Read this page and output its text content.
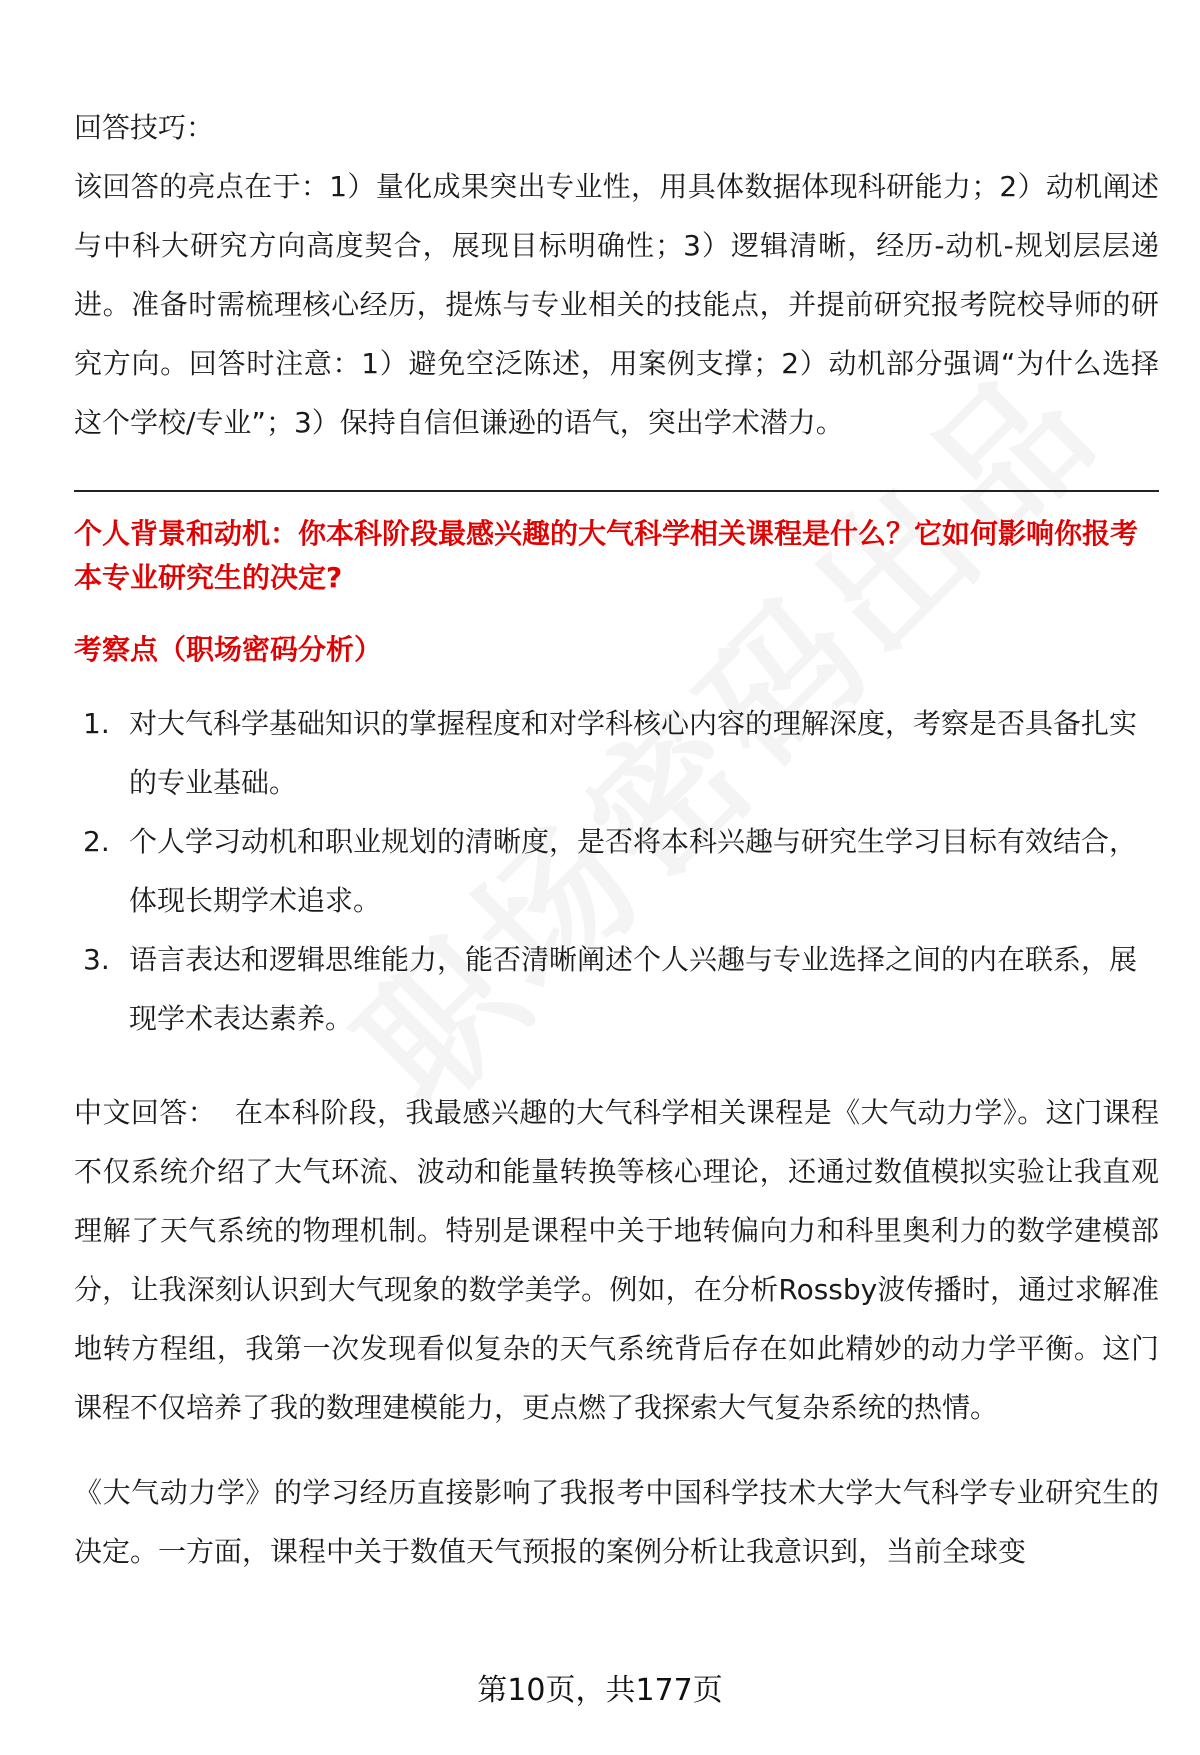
回答技巧：

该回答的亮点在于：1）量化成果突出专业性，用具体数据体现科研能力；2）动机阐述与中科大研究方向高度契合，展现目标明确性；3）逻辑清晰，经历-动机-规划层层递进。准备时需梳理核心经历，提炼与专业相关的技能点，并提前研究报考院校导师的研究方向。回答时注意：1）避免空泛陈述，用案例支撑；2）动机部分强调“为什么选择这个学校/专业”；3）保持自信但谦逊的语气，突出学术潜力。

个人背景和动机：你本科阶段最感兴趣的大气科学相关课程是什么？它如何影响你报考本专业研究生的决定?

考察点（职场密码分析）

1. 对大气科学基础知识的掌握程度和对学科核心内容的理解深度，考察是否具备扎实的专业基础。
2. 个人学习动机和职业规划的清晰度，是否将本科兴趣与研究生学习目标有效结合，体现长期学术追求。
3. 语言表达和逻辑思维能力，能否清晰阐述个人兴趣与专业选择之间的内在联系，展现学术表达素养。

中文回答： 在本科阶段，我最感兴趣的大气科学相关课程是《大气动力学》。这门课程不仅系统介绍了大气环流、波动和能量转换等核心理论，还通过数值模拟实验让我直观理解了天气系统的物理机制。特别是课程中关于地转偏向力和科里奥利力的数学建模部分，让我深刻认识到大气现象的数学美学。例如，在分析Rossby波传播时，通过求解准地转方程组，我第一次发现看似复杂的天气系统背后存在如此精妙的动力学平衡。这门课程不仅培养了我的数理建模能力，更点燃了我探索大气复杂系统的热情。

《大气动力学》的学习经历直接影响了我报考中国科学技术大学大气科学专业研究生的决定。一方面，课程中关于数值天气预报的案例分析让我意识到，当前全球变

第10页，共177页
